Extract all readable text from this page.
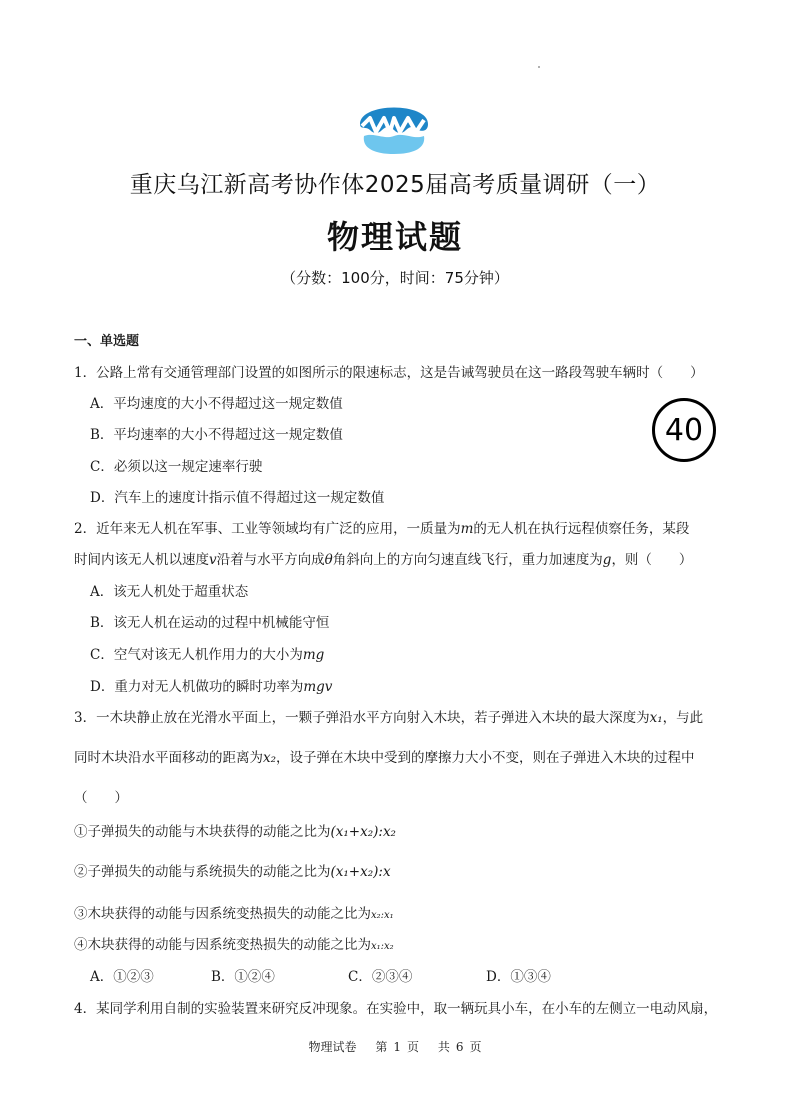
重庆乌江新高考协作体2025届高考质量调研（一）
物理试题
（分数：100分，时间：75分钟）
一、单选题
1．公路上常有交通管理部门设置的如图所示的限速标志，这是告诫驾驶员在这一路段驾驶车辆时（　　）
A．平均速度的大小不得超过这一规定数值
B．平均速率的大小不得超过这一规定数值
C．必须以这一规定速率行驶
D．汽车上的速度计指示值不得超过这一规定数值
40
2．近年来无人机在军事、工业等领域均有广泛的应用，一质量为m的无人机在执行远程侦察任务，某段
时间内该无人机以速度v沿着与水平方向成θ角斜向上的方向匀速直线飞行，重力加速度为g，则（　　）
A．该无人机处于超重状态
B．该无人机在运动的过程中机械能守恒
C．空气对该无人机作用力的大小为mg
D．重力对无人机做功的瞬时功率为mgv
3．一木块静止放在光滑水平面上，一颗子弹沿水平方向射入木块，若子弹进入木块的最大深度为x₁，与此
同时木块沿水平面移动的距离为x₂，设子弹在木块中受到的摩擦力大小不变，则在子弹进入木块的过程中
（　　）
①子弹损失的动能与木块获得的动能之比为(x₁+x₂):x₂
②子弹损失的动能与系统损失的动能之比为(x₁+x₂):x
③木块获得的动能与因系统变热损失的动能之比为x₂:x₁
④木块获得的动能与因系统变热损失的动能之比为x₁:x₂
A．①②③	B．①②④	C．②③④	D．①③④
4．某同学利用自制的实验装置来研究反冲现象。在实验中，取一辆玩具小车，在小车的左侧立一电动风扇，
物理试卷 第 1 页 共 6 页
